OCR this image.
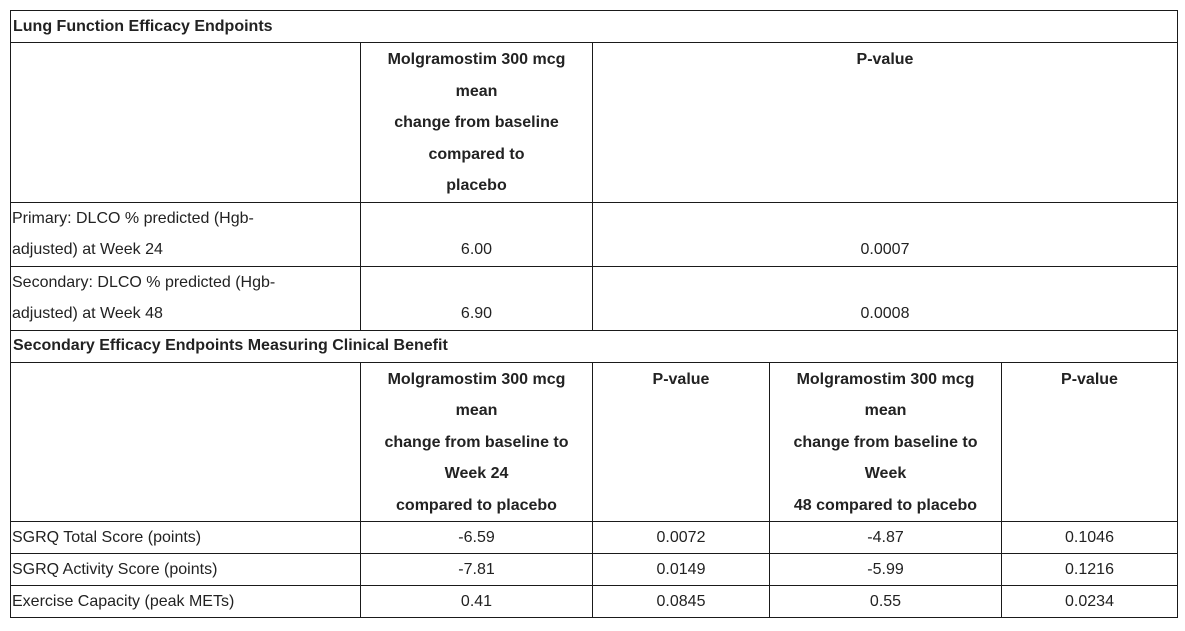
Lung Function Efficacy Endpoints				

	Molgramostim 300 mcg
mean
change from baseline
compared to
placebo	P-value		

Primary: DLCO % predicted (Hgb-
adjusted) at Week 24	6.00	0.0007		

Secondary: DLCO % predicted (Hgb-
adjusted) at Week 48	6.90	0.0008		
Secondary Efficacy Endpoints Measuring Clinical Benefit				

	Molgramostim 300 mcg
mean
change from baseline to
Week 24
compared to placebo	P-value	Molgramostim 300 mcg
mean
change from baseline to
Week
48 compared to placebo	P-value

SGRQ Total Score (points)	-6.59	0.0072	-4.87	0.1046
SGRQ Activity Score (points)	-7.81	0.0149	-5.99	0.1216
Exercise Capacity (peak METs)	0.41	0.0845	0.55	0.0234
